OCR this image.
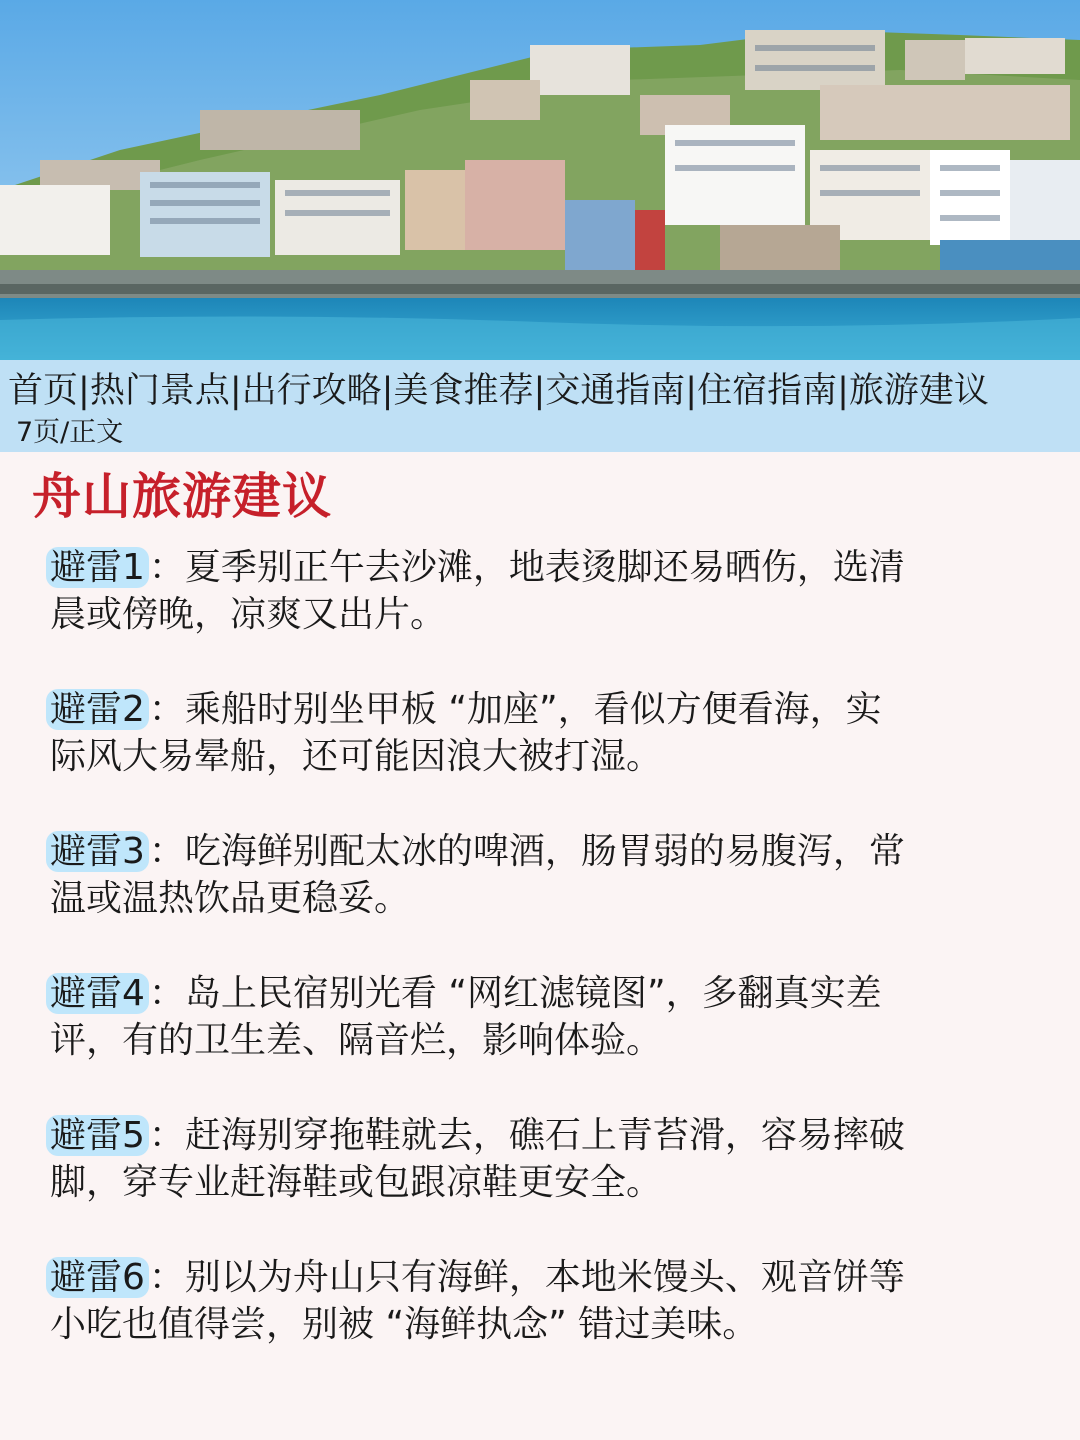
首页|热门景点|出行攻略|美食推荐|交通指南|住宿指南|旅游建议
7页/正文
舟山旅游建议
避雷1 ：夏季别正午去沙滩，地表烫脚还易晒伤，选清
晨或傍晚，凉爽又出片。
避雷2 ：乘船时别坐甲板 “加座”，看似方便看海，实
际风大易晕船，还可能因浪大被打湿。
避雷3 ：吃海鲜别配太冰的啤酒，肠胃弱的易腹泻，常
温或温热饮品更稳妥。
避雷4 ：岛上民宿别光看 “网红滤镜图”，多翻真实差
评，有的卫生差、隔音烂，影响体验。
避雷5 ：赶海别穿拖鞋就去，礁石上青苔滑，容易摔破
脚，穿专业赶海鞋或包跟凉鞋更安全。
避雷6 ：别以为舟山只有海鲜，本地米馒头、观音饼等
小吃也值得尝，别被 “海鲜执念” 错过美味。
